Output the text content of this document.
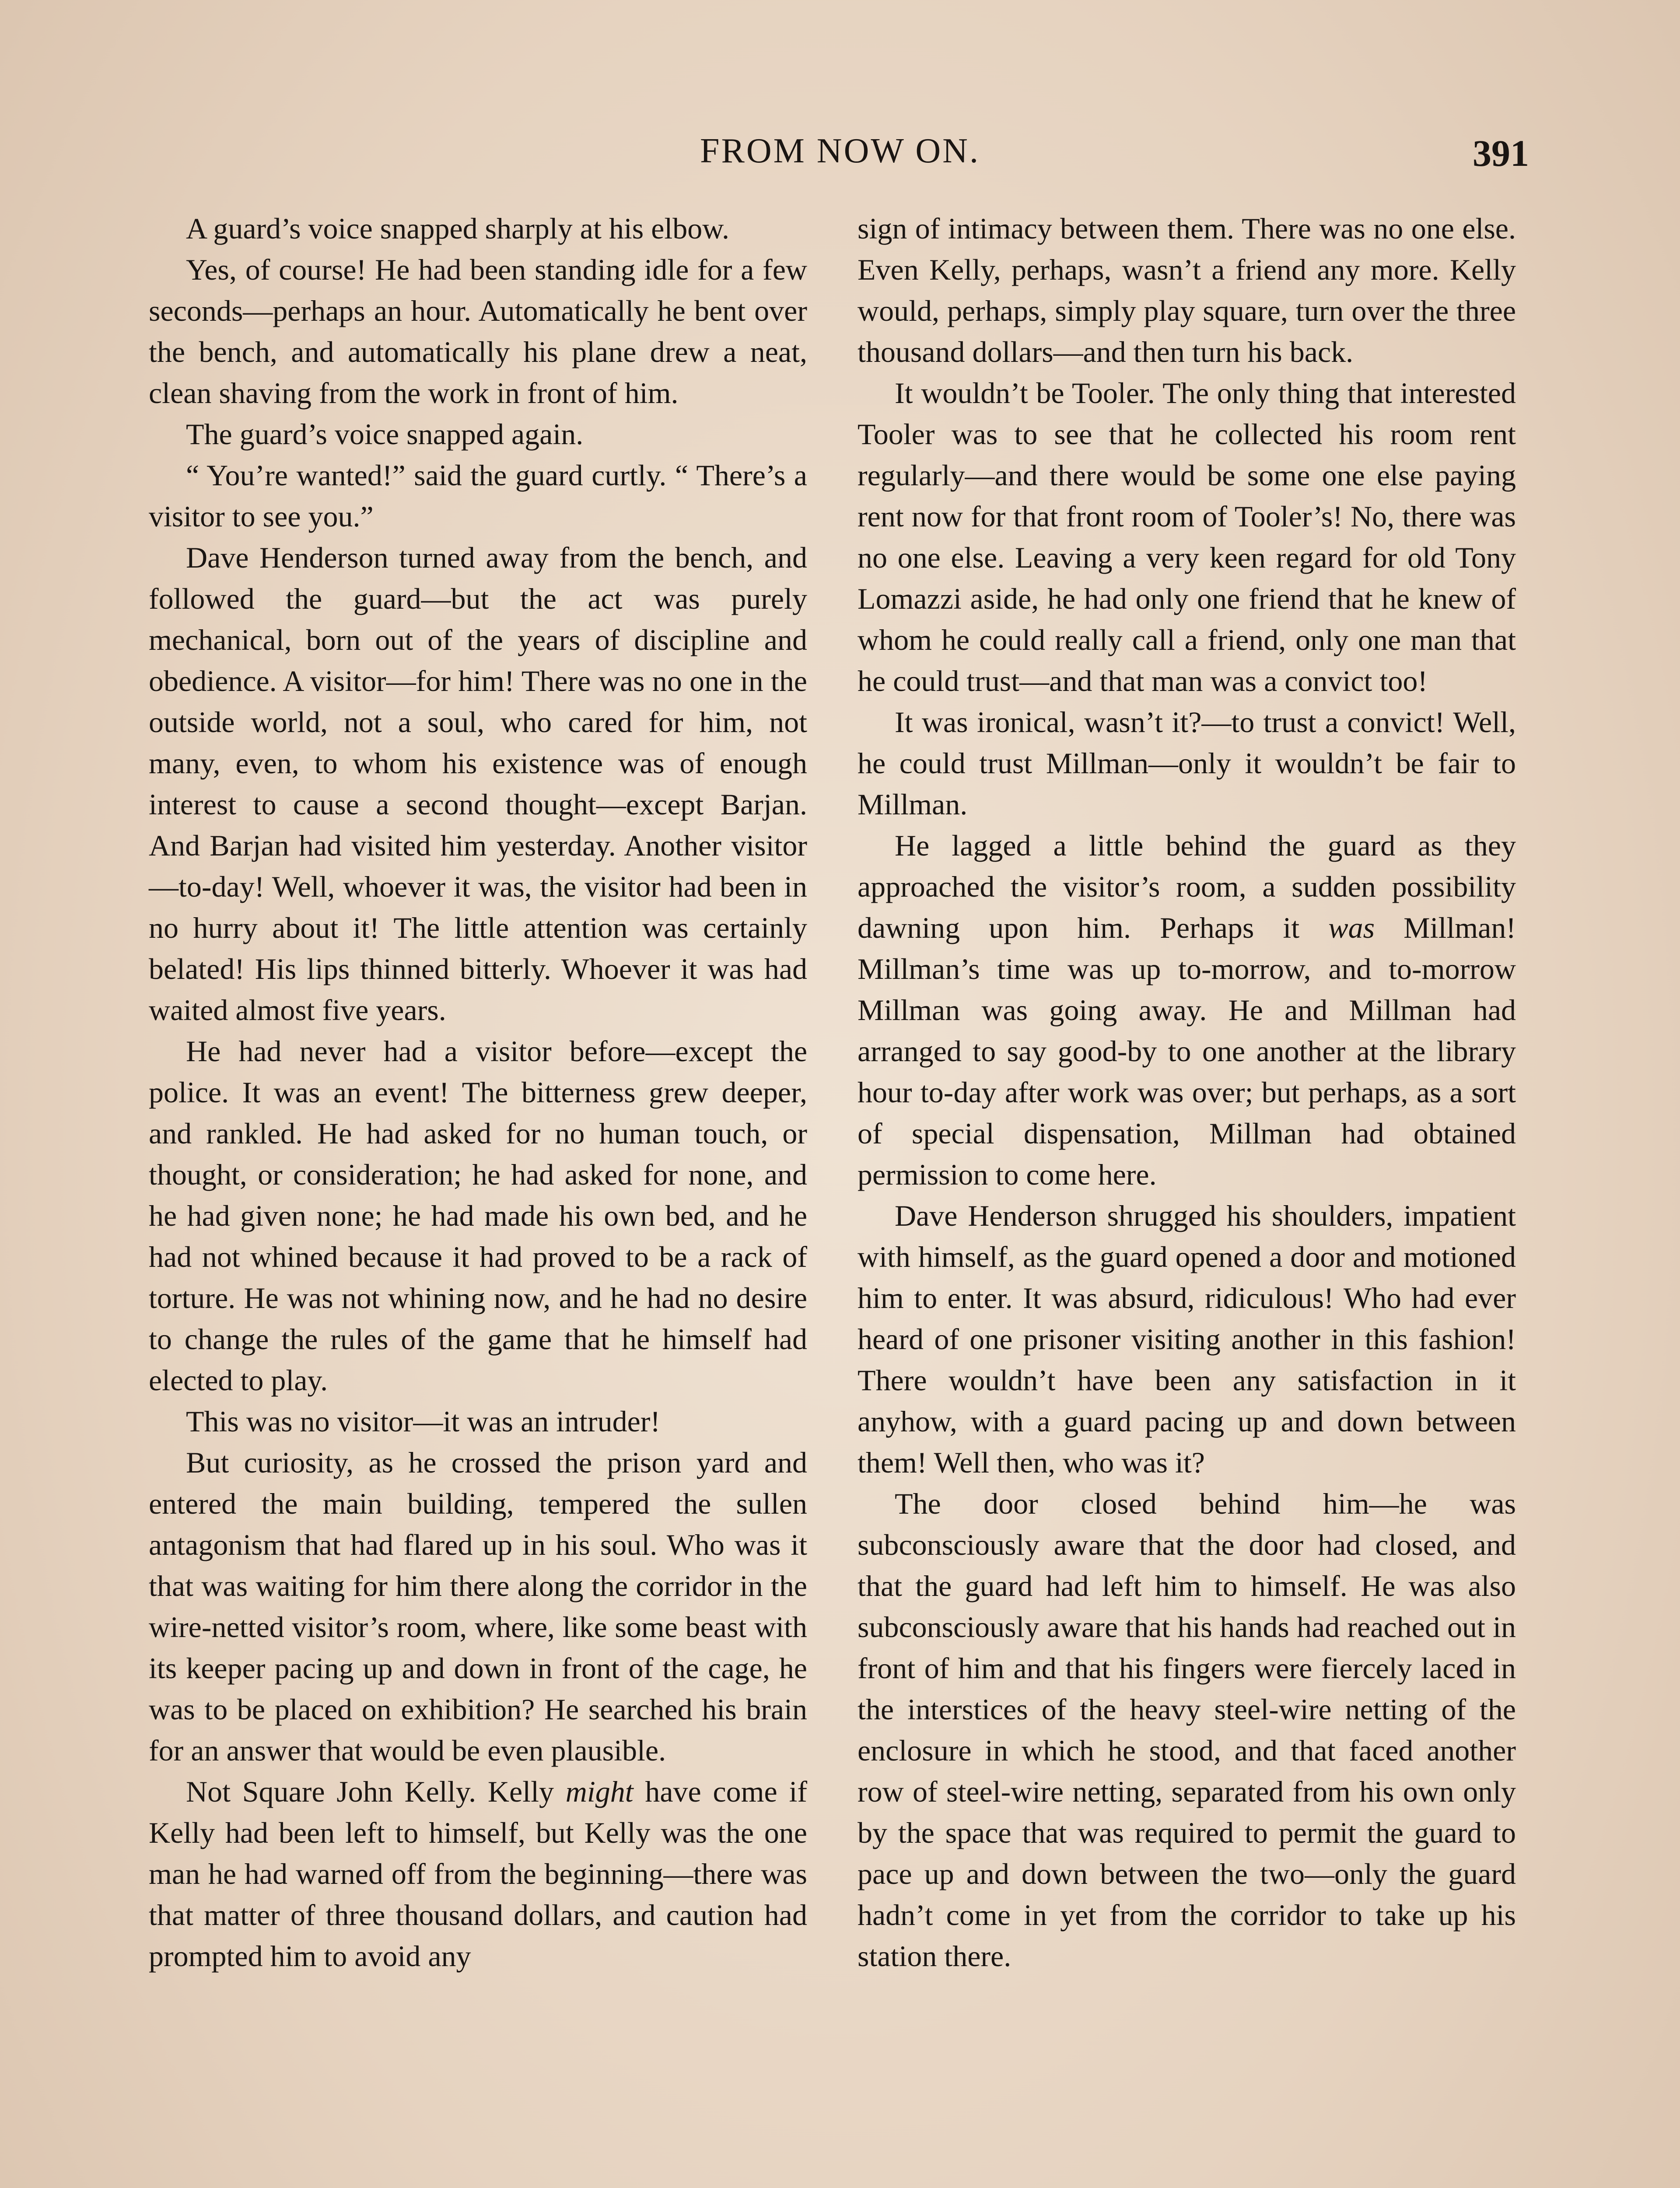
FROM NOW ON.	391

A guard’s voice snapped sharply at his elbow.

Yes, of course! He had been standing idle for a few seconds—perhaps an hour. Automatically he bent over the bench, and automatically his plane drew a neat, clean shaving from the work in front of him.

The guard’s voice snapped again.

“ You’re wanted!” said the guard curtly. “ There’s a visitor to see you.”

Dave Henderson turned away from the bench, and followed the guard—but the act was purely mechanical, born out of the years of discipline and obedience. A visitor—for him! There was no one in the outside world, not a soul, who cared for him, not many, even, to whom his existence was of enough interest to cause a second thought—except Barjan. And Barjan had visited him yesterday. Another visitor—to-day! Well, whoever it was, the visitor had been in no hurry about it! The little attention was certainly belated! His lips thinned bitterly. Whoever it was had waited almost five years.

He had never had a visitor before—except the police. It was an event! The bitterness grew deeper, and rankled. He had asked for no human touch, or thought, or consideration; he had asked for none, and he had given none; he had made his own bed, and he had not whined because it had proved to be a rack of torture. He was not whining now, and he had no desire to change the rules of the game that he himself had elected to play.

This was no visitor—it was an intruder!

But curiosity, as he crossed the prison yard and entered the main building, tempered the sullen antagonism that had flared up in his soul. Who was it that was waiting for him there along the corridor in the wire-netted visitor’s room, where, like some beast with its keeper pacing up and down in front of the cage, he was to be placed on exhibition? He searched his brain for an answer that would be even plausible.

Not Square John Kelly. Kelly might have come if Kelly had been left to himself, but Kelly was the one man he had warned off from the beginning—there was that matter of three thousand dollars, and caution had prompted him to avoid any

sign of intimacy between them. There was no one else. Even Kelly, perhaps, wasn’t a friend any more. Kelly would, perhaps, simply play square, turn over the three thousand dollars—and then turn his back.

It wouldn’t be Tooler. The only thing that interested Tooler was to see that he collected his room rent regularly—and there would be some one else paying rent now for that front room of Tooler’s! No, there was no one else. Leaving a very keen regard for old Tony Lomazzi aside, he had only one friend that he knew of whom he could really call a friend, only one man that he could trust—and that man was a convict too!

It was ironical, wasn’t it?—to trust a convict! Well, he could trust Millman—only it wouldn’t be fair to Millman.

He lagged a little behind the guard as they approached the visitor’s room, a sudden possibility dawning upon him. Perhaps it was Millman! Millman’s time was up to-morrow, and to-morrow Millman was going away. He and Millman had arranged to say good-by to one another at the library hour to-day after work was over; but perhaps, as a sort of special dispensation, Millman had obtained permission to come here.

Dave Henderson shrugged his shoulders, impatient with himself, as the guard opened a door and motioned him to enter. It was absurd, ridiculous! Who had ever heard of one prisoner visiting another in this fashion! There wouldn’t have been any satisfaction in it anyhow, with a guard pacing up and down between them! Well then, who was it?

The door closed behind him—he was subconsciously aware that the door had closed, and that the guard had left him to himself. He was also subconsciously aware that his hands had reached out in front of him and that his fingers were fiercely laced in the interstices of the heavy steel-wire netting of the enclosure in which he stood, and that faced another row of steel-wire netting, separated from his own only by the space that was required to permit the guard to pace up and down between the two—only the guard hadn’t come in yet from the corridor to take up his station there.
